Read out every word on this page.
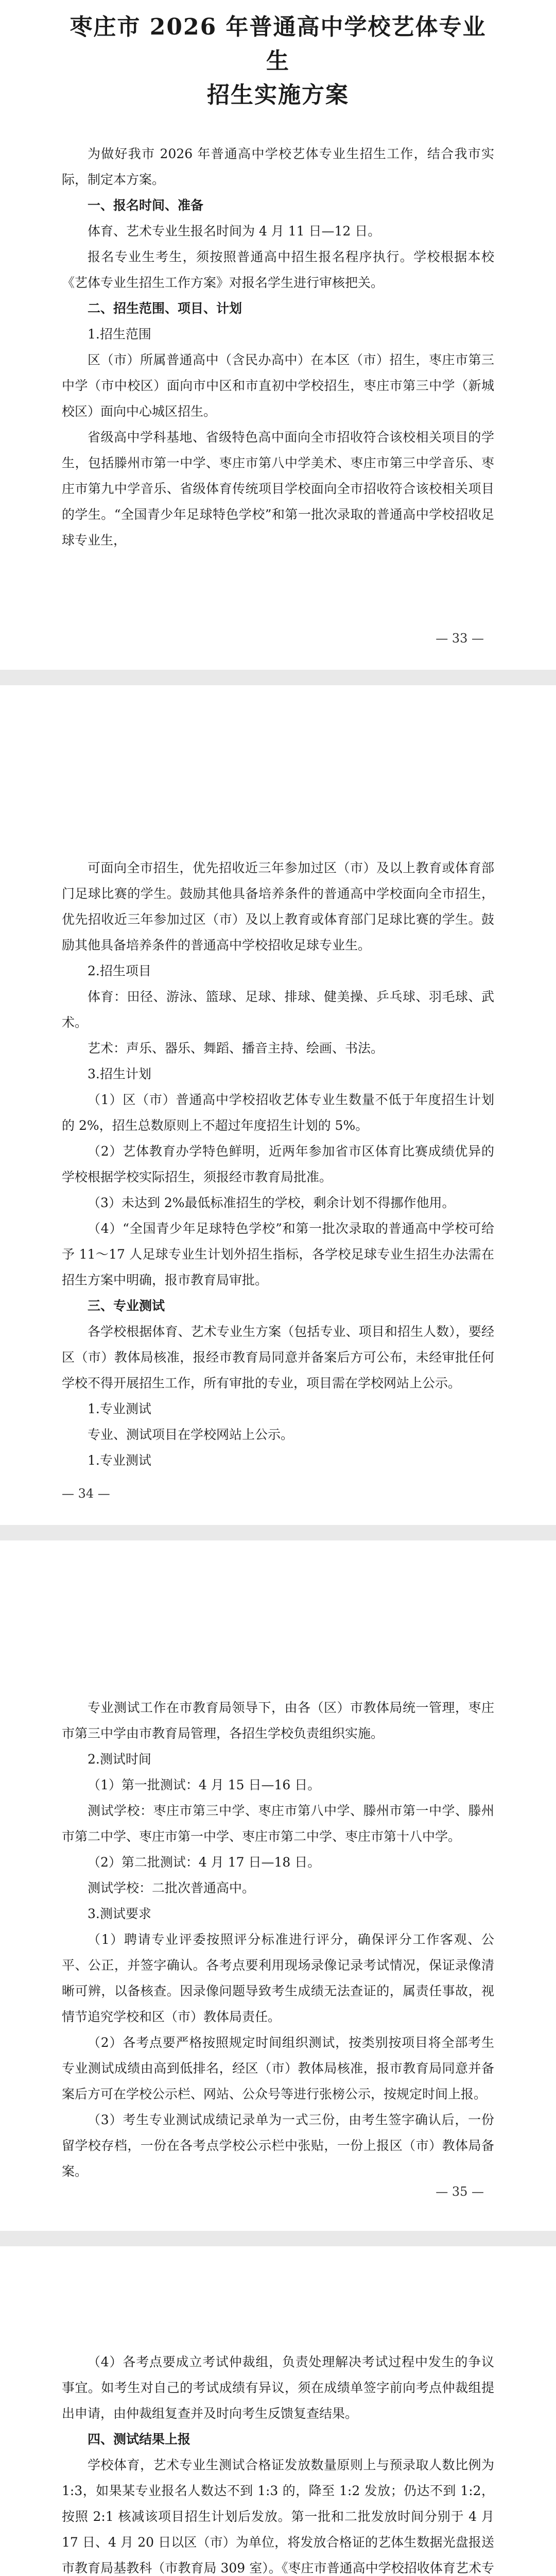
枣庄市 2026 年普通高中学校艺体专业生
招生实施方案

为做好我市 2026 年普通高中学校艺体专业生招生工作，结合我市实际，制定本方案。

一、报名时间、准备

体育、艺术专业生报名时间为 4 月 11 日—12 日。

报名专业生考生，须按照普通高中招生报名程序执行。学校根据本校《艺体专业生招生工作方案》对报名学生进行审核把关。

二、招生范围、项目、计划

1.招生范围

区（市）所属普通高中（含民办高中）在本区（市）招生，枣庄市第三中学（市中校区）面向市中区和市直初中学校招生，枣庄市第三中学（新城校区）面向中心城区招生。

省级高中学科基地、省级特色高中面向全市招收符合该校相关项目的学生，包括滕州市第一中学、枣庄市第八中学美术、枣庄市第三中学音乐、枣庄市第九中学音乐、省级体育传统项目学校面向全市招收符合该校相关项目的学生。“全国青少年足球特色学校”和第一批次录取的普通高中学校招收足球专业生，

— 33 —

可面向全市招生，优先招收近三年参加过区（市）及以上教育或体育部门足球比赛的学生。鼓励其他具备培养条件的普通高中学校面向全市招生，优先招收近三年参加过区（市）及以上教育或体育部门足球比赛的学生。鼓励其他具备培养条件的普通高中学校招收足球专业生。

2.招生项目

体育：田径、游泳、篮球、足球、排球、健美操、乒乓球、羽毛球、武术。

艺术：声乐、器乐、舞蹈、播音主持、绘画、书法。

3.招生计划

（1）区（市）普通高中学校招收艺体专业生数量不低于年度招生计划的 2%，招生总数原则上不超过年度招生计划的 5%。

（2）艺体教育办学特色鲜明，近两年参加省市区体育比赛成绩优异的学校根据学校实际招生，须报经市教育局批准。

（3）未达到 2%最低标准招生的学校，剩余计划不得挪作他用。

（4）“全国青少年足球特色学校”和第一批次录取的普通高中学校可给予 11～17 人足球专业生计划外招生指标，各学校足球专业生招生办法需在招生方案中明确，报市教育局审批。

三、专业测试

各学校根据体育、艺术专业生方案（包括专业、项目和招生人数），要经区（市）教体局核准，报经市教育局同意并备案后方可公布，未经审批任何学校不得开展招生工作，所有审批的专业，项目需在学校网站上公示。

1.专业测试

专业、测试项目在学校网站上公示。

1.专业测试

— 34 —

专业测试工作在市教育局领导下，由各（区）市教体局统一管理，枣庄市第三中学由市教育局管理，各招生学校负责组织实施。

2.测试时间

（1）第一批测试：4 月 15 日—16 日。

测试学校：枣庄市第三中学、枣庄市第八中学、滕州市第一中学、滕州市第二中学、枣庄市第一中学、枣庄市第二中学、枣庄市第十八中学。

（2）第二批测试：4 月 17 日—18 日。

测试学校：二批次普通高中。

3.测试要求

（1）聘请专业评委按照评分标准进行评分，确保评分工作客观、公平、公正，并签字确认。各考点要利用现场录像记录考试情况，保证录像清晰可辨，以备核查。因录像问题导致考生成绩无法查证的，属责任事故，视情节追究学校和区（市）教体局责任。

（2）各考点要严格按照规定时间组织测试，按类别按项目将全部考生专业测试成绩由高到低排名，经区（市）教体局核准，报市教育局同意并备案后方可在学校公示栏、网站、公众号等进行张榜公示，按规定时间上报。

（3）考生专业测试成绩记录单为一式三份，由考生签字确认后，一份留学校存档，一份在各考点学校公示栏中张贴，一份上报区（市）教体局备案。

— 35 —

（4）各考点要成立考试仲裁组，负责处理解决考试过程中发生的争议事宜。如考生对自己的考试成绩有异议，须在成绩单签字前向考点仲裁组提出申请，由仲裁组复查并及时向考生反馈复查结果。

四、测试结果上报

学校体育，艺术专业生测试合格证发放数量原则上与预录取人数比例为 1:3，如果某专业报名人数达不到 1:3 的，降至 1:2 发放；仍达不到 1:2，按照 2:1 核减该项目招生计划后发放。第一批和二批发放时间分别于 4 月 17 日、4 月 20 日以区（市）为单位，将发放合格证的艺体生数据光盘报送市教育局基教科（市教育局 309 室）。《枣庄市普通高中学校招收体育艺术专
